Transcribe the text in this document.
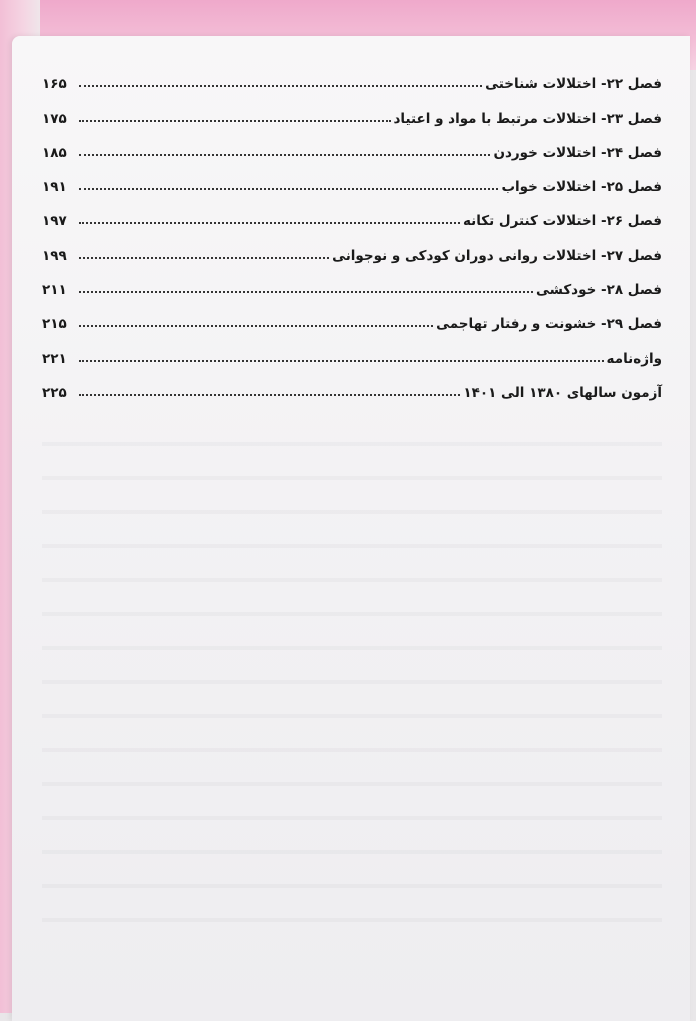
فصل ۲۲- اختلالات شناختی
۱۶۵
فصل ۲۳- اختلالات مرتبط با مواد و اعتیاد
۱۷۵
فصل ۲۴- اختلالات خوردن
۱۸۵
فصل ۲۵- اختلالات خواب
۱۹۱
فصل ۲۶- اختلالات کنترل تکانه
۱۹۷
فصل ۲۷- اختلالات روانی دوران کودکی و نوجوانی
۱۹۹
فصل ۲۸- خودکشی
۲۱۱
فصل ۲۹- خشونت و رفتار تهاجمی
۲۱۵
واژه‌نامه
۲۲۱
آزمون سالهای ۱۳۸۰ الی ۱۴۰۱
۲۲۵
